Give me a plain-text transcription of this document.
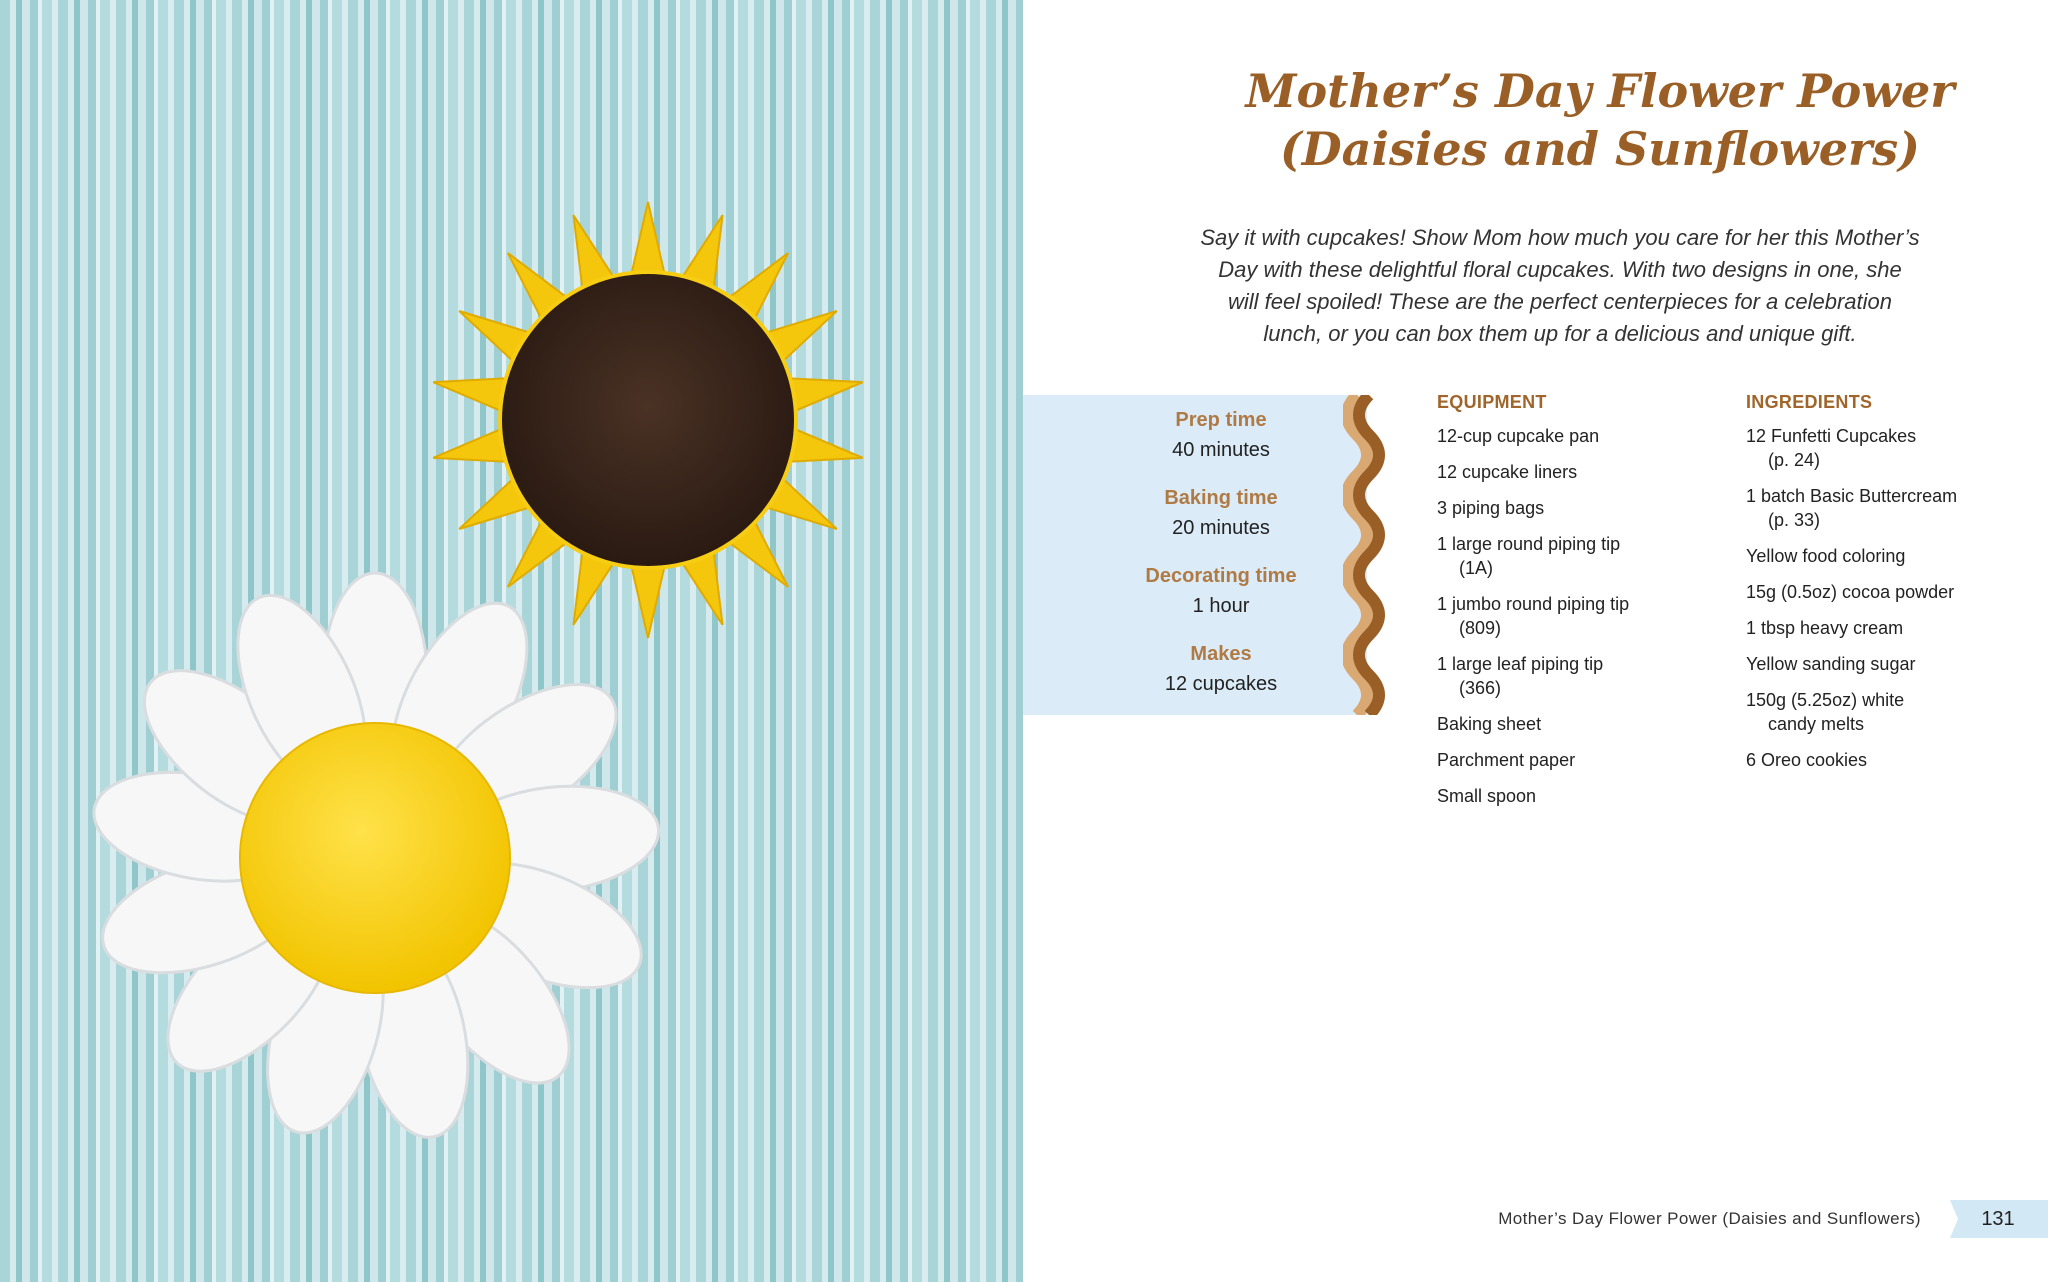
Mother’s Day Flower Power
(Daisies and Sunflowers)
Say it with cupcakes! Show Mom how much you care for her this Mother’s
Day with these delightful floral cupcakes. With two designs in one, she
will feel spoiled! These are the perfect centerpieces for a celebration
lunch, or you can box them up for a delicious and unique gift.
Prep time
40 minutes
Baking time
20 minutes
Decorating time
1 hour
Makes
12 cupcakes
EQUIPMENT
12-cup cupcake pan
12 cupcake liners
3 piping bags
1 large round piping tip
(1A)
1 jumbo round piping tip
(809)
1 large leaf piping tip
(366)
Baking sheet
Parchment paper
Small spoon
INGREDIENTS
12 Funfetti Cupcakes
(p. 24)
1 batch Basic Buttercream
(p. 33)
Yellow food coloring
15g (0.5oz) cocoa powder
1 tbsp heavy cream
Yellow sanding sugar
150g (5.25oz) white
candy melts
6 Oreo cookies
Mother’s Day Flower Power (Daisies and Sunflowers)	131
